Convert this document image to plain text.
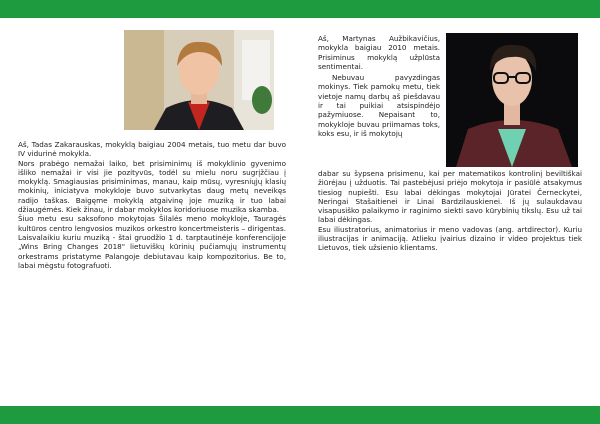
Aš, Tadas Zakarauskas, mokyklą baigiau 2004 metais, tuo metu dar buvo IV vidurinė mokykla.

Nors prabėgo nemažai laiko, bet prisiminimų iš mokyklinio gyvenimo išliko nemažai ir visi jie pozityvūs, todėl su mielu noru sugrįžčiau į mokyklą. Smagiausias prisiminimas, manau, kaip mūsų, vyresniųjų klasių mokinių, iniciatyva mokykloje buvo sutvarkytas daug metų neveikęs radijo taškas. Baigęme mokyklą atgaivinę joje muziką ir tuo labai džiaugėmės. Kiek žinau, ir dabar mokyklos koridoriuose muzika skamba.

Šiuo metu esu saksofono mokytojas Šilalės meno mokykloje, Tauragės kultūros centro lengvosios muzikos orkestro koncertmeisteris – dirigentas. Laisvalaikiu kuriu muziką - štai gruodžio 1 d. tarptautinėje konferencijoje „Wins Bring Changes 2018" lietuviškų kūrinių pučiamųjų instrumentų orkestrams pristatyme Palangoje debiutavau kaip kompozitorius. Be to, labai mėgstu fotografuoti.

Aš, Martynas Aužbikavičius, mokykla baigiau 2010 metais. Prisiminus mokyklą užplūsta sentimentai.

Nebuvau pavyzdingas mokinys. Tiek pamokų metu, tiek vietoje namų darbų aš piešdavau ir tai puikiai atsispindėjo pažymiuose. Nepaisant to, mokykloje buvau priimamas toks, koks esu, ir iš mokytojų

dabar su šypsena prisimenu, kai per matematikos kontrolinį beviltiškai žiūrėjau į užduotis. Tai pastebėjusi priėjo mokytoja ir pasiūlė atsakymus tiesiog nupiešti. Esu labai dėkingas mokytojai Jūratei Černeckytei, Neringai Stašaitienei ir Linai Bardzilauskienei. Iš jų sulaukdavau visapusiško palaikymo ir raginimo siekti savo kūrybinių tikslų. Esu už tai labai dėkingas.

Esu iliustratorius, animatorius ir meno vadovas (ang. artdirector). Kuriu iliustracijas ir animaciją. Atlieku įvairius dizaino ir video projektus tiek Lietuvos, tiek užsienio klientams.
